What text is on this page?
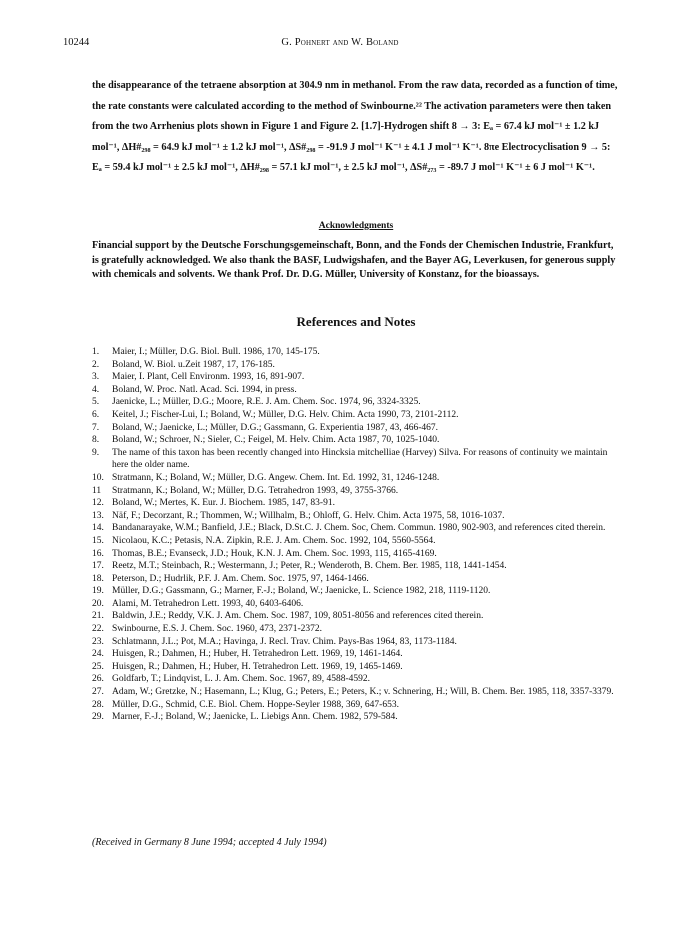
10244	G. Pohnert and W. Boland
the disappearance of the tetraene absorption at 304.9 nm in methanol. From the raw data, recorded as a function of time, the rate constants were calculated according to the method of Swinbourne.²² The activation parameters were then taken from the two Arrhenius plots shown in Figure 1 and Figure 2. [1.7]-Hydrogen shift 8 → 3: Eₐ = 67.4 kJ mol⁻¹ ± 1.2 kJ mol⁻¹, ΔH#₂₉₈ = 64.9 kJ mol⁻¹ ± 1.2 kJ mol⁻¹, ΔS#₂₉₈ = -91.9 J mol⁻¹ K⁻¹ ± 4.1 J mol⁻¹ K⁻¹. 8πe Electrocyclisation 9 → 5: Eₐ = 59.4 kJ mol⁻¹ ± 2.5 kJ mol⁻¹, ΔH#₂₉₈ = 57.1 kJ mol⁻¹, ± 2.5 kJ mol⁻¹, ΔS#₂₇₃ = -89.7 J mol⁻¹ K⁻¹ ± 6 J mol⁻¹ K⁻¹.
Acknowledgments
Financial support by the Deutsche Forschungsgemeinschaft, Bonn, and the Fonds der Chemischen Industrie, Frankfurt, is gratefully acknowledged. We also thank the BASF, Ludwigshafen, and the Bayer AG, Leverkusen, for generous supply with chemicals and solvents. We thank Prof. Dr. D.G. Müller, University of Konstanz, for the bioassays.
References and Notes
1.	Maier, I.; Müller, D.G. Biol. Bull. 1986, 170, 145-175.
2.	Boland, W. Biol. u.Zeit 1987, 17, 176-185.
3.	Maier, I. Plant, Cell Environm. 1993, 16, 891-907.
4.	Boland, W. Proc. Natl. Acad. Sci. 1994, in press.
5.	Jaenicke, L.; Müller, D.G.; Moore, R.E. J. Am. Chem. Soc. 1974, 96, 3324-3325.
6.	Keitel, J.; Fischer-Lui, I.; Boland, W.; Müller, D.G. Helv. Chim. Acta 1990, 73, 2101-2112.
7.	Boland, W.; Jaenicke, L.; Müller, D.G.; Gassmann, G. Experientia 1987, 43, 466-467.
8.	Boland, W.; Schroer, N.; Sieler, C.; Feigel, M. Helv. Chim. Acta 1987, 70, 1025-1040.
9.	The name of this taxon has been recently changed into Hincksia mitchelliae (Harvey) Silva. For reasons of continuity we maintain here the older name.
10. Stratmann, K.; Boland, W.; Müller, D.G. Angew. Chem. Int. Ed. 1992, 31, 1246-1248.
11	Stratmann, K.; Boland, W.; Müller, D.G. Tetrahedron 1993, 49, 3755-3766.
12. Boland, W.; Mertes, K. Eur. J. Biochem. 1985, 147, 83-91.
13. Näf, F.; Decorzant, R.; Thommen, W.; Willhalm, B.; Ohloff, G. Helv. Chim. Acta 1975, 58, 1016-1037.
14. Bandanarayake, W.M.; Banfield, J.E.; Black, D.St.C. J. Chem. Soc, Chem. Commun. 1980, 902-903, and references cited therein.
15. Nicolaou, K.C.; Petasis, N.A. Zipkin, R.E. J. Am. Chem. Soc. 1992, 104, 5560-5564.
16. Thomas, B.E.; Evanseck, J.D.; Houk, K.N. J. Am. Chem. Soc. 1993, 115, 4165-4169.
17. Reetz, M.T.; Steinbach, R.; Westermann, J.; Peter, R.; Wenderoth, B. Chem. Ber. 1985, 118, 1441-1454.
18. Peterson, D.; Hudrlik, P.F. J. Am. Chem. Soc. 1975, 97, 1464-1466.
19. Müller, D.G.; Gassmann, G.; Marner, F.-J.; Boland, W.; Jaenicke, L. Science 1982, 218, 1119-1120.
20. Alami, M. Tetrahedron Lett. 1993, 40, 6403-6406.
21. Baldwin, J.E.; Reddy, V.K. J. Am. Chem. Soc. 1987, 109, 8051-8056 and references cited therein.
22. Swinbourne, E.S. J. Chem. Soc. 1960, 473, 2371-2372.
23. Schlatmann, J.L.; Pot, M.A.; Havinga, J. Recl. Trav. Chim. Pays-Bas 1964, 83, 1173-1184.
24. Huisgen, R.; Dahmen, H.; Huber, H. Tetrahedron Lett. 1969, 19, 1461-1464.
25. Huisgen, R.; Dahmen, H.; Huber, H. Tetrahedron Lett. 1969, 19, 1465-1469.
26. Goldfarb, T.; Lindqvist, L. J. Am. Chem. Soc. 1967, 89, 4588-4592.
27. Adam, W.; Gretzke, N.; Hasemann, L.; Klug, G.; Peters, E.; Peters, K.; v. Schnering, H.; Will, B. Chem. Ber. 1985, 118, 3357-3379.
28. Müller, D.G., Schmid, C.E. Biol. Chem. Hoppe-Seyler 1988, 369, 647-653.
29. Marner, F.-J.; Boland, W.; Jaenicke, L. Liebigs Ann. Chem. 1982, 579-584.
(Received in Germany 8 June 1994; accepted 4 July 1994)
